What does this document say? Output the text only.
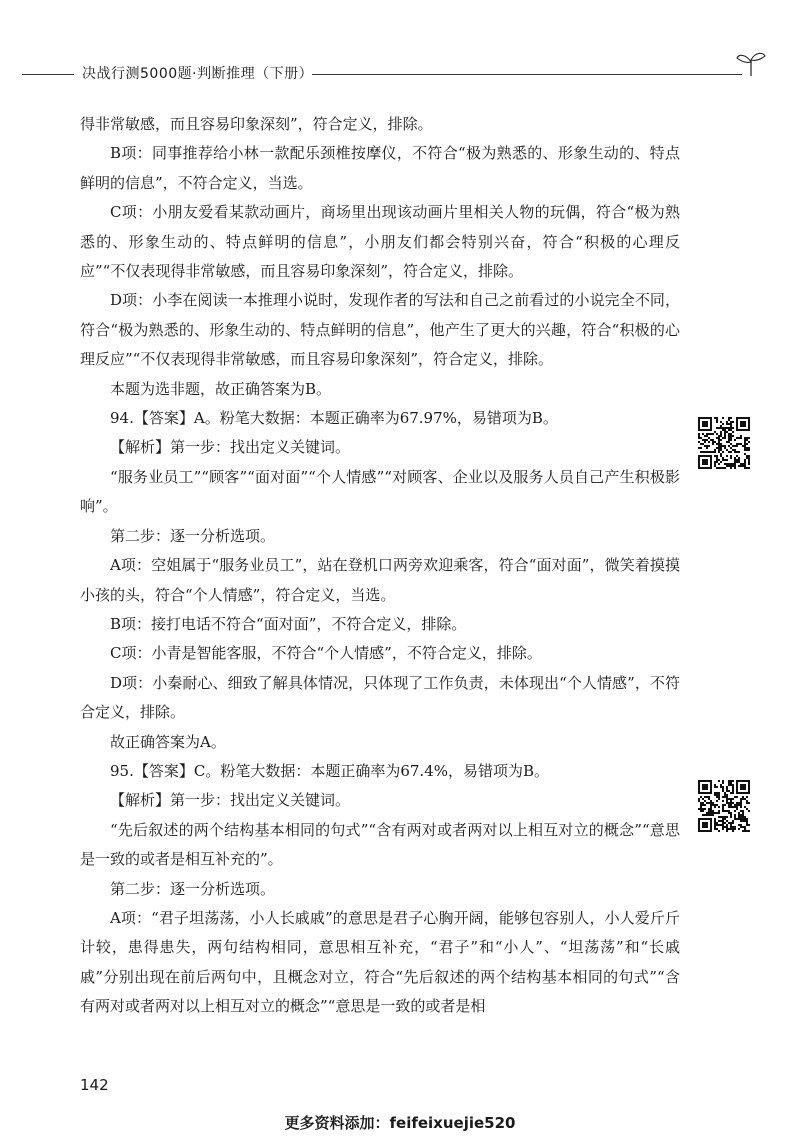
决战行测5000题·判断推理（下册）

得非常敏感，而且容易印象深刻”，符合定义，排除。

B项：同事推荐给小林一款配乐颈椎按摩仪，不符合“极为熟悉的、形象生动的、特点鲜明的信息”，不符合定义，当选。

C项：小朋友爱看某款动画片，商场里出现该动画片里相关人物的玩偶，符合“极为熟悉的、形象生动的、特点鲜明的信息”，小朋友们都会特别兴奋，符合“积极的心理反应”“不仅表现得非常敏感，而且容易印象深刻”，符合定义，排除。

D项：小李在阅读一本推理小说时，发现作者的写法和自己之前看过的小说完全不同，符合“极为熟悉的、形象生动的、特点鲜明的信息”，他产生了更大的兴趣，符合“积极的心理反应”“不仅表现得非常敏感，而且容易印象深刻”，符合定义，排除。

本题为选非题，故正确答案为B。

94.【答案】A。粉笔大数据：本题正确率为67.97%，易错项为B。

【解析】第一步：找出定义关键词。

“服务业员工”“顾客”“面对面”“个人情感”“对顾客、企业以及服务人员自己产生积极影响”。

第二步：逐一分析选项。

A项：空姐属于“服务业员工”，站在登机口两旁欢迎乘客，符合“面对面”，微笑着摸摸小孩的头，符合“个人情感”，符合定义，当选。

B项：接打电话不符合“面对面”，不符合定义，排除。

C项：小青是智能客服，不符合“个人情感”，不符合定义，排除。

D项：小秦耐心、细致了解具体情况，只体现了工作负责，未体现出“个人情感”，不符合定义，排除。

故正确答案为A。

95.【答案】C。粉笔大数据：本题正确率为67.4%，易错项为B。

【解析】第一步：找出定义关键词。

“先后叙述的两个结构基本相同的句式”“含有两对或者两对以上相互对立的概念”“意思是一致的或者是相互补充的”。

第二步：逐一分析选项。

A项：“君子坦荡荡，小人长戚戚”的意思是君子心胸开阔，能够包容别人，小人爱斤斤计较，患得患失，两句结构相同，意思相互补充，“君子”和“小人”、“坦荡荡”和“长戚戚”分别出现在前后两句中，且概念对立，符合“先后叙述的两个结构基本相同的句式”“含有两对或者两对以上相互对立的概念”“意思是一致的或者是相

142
更多资料添加：feifeixuejie520
